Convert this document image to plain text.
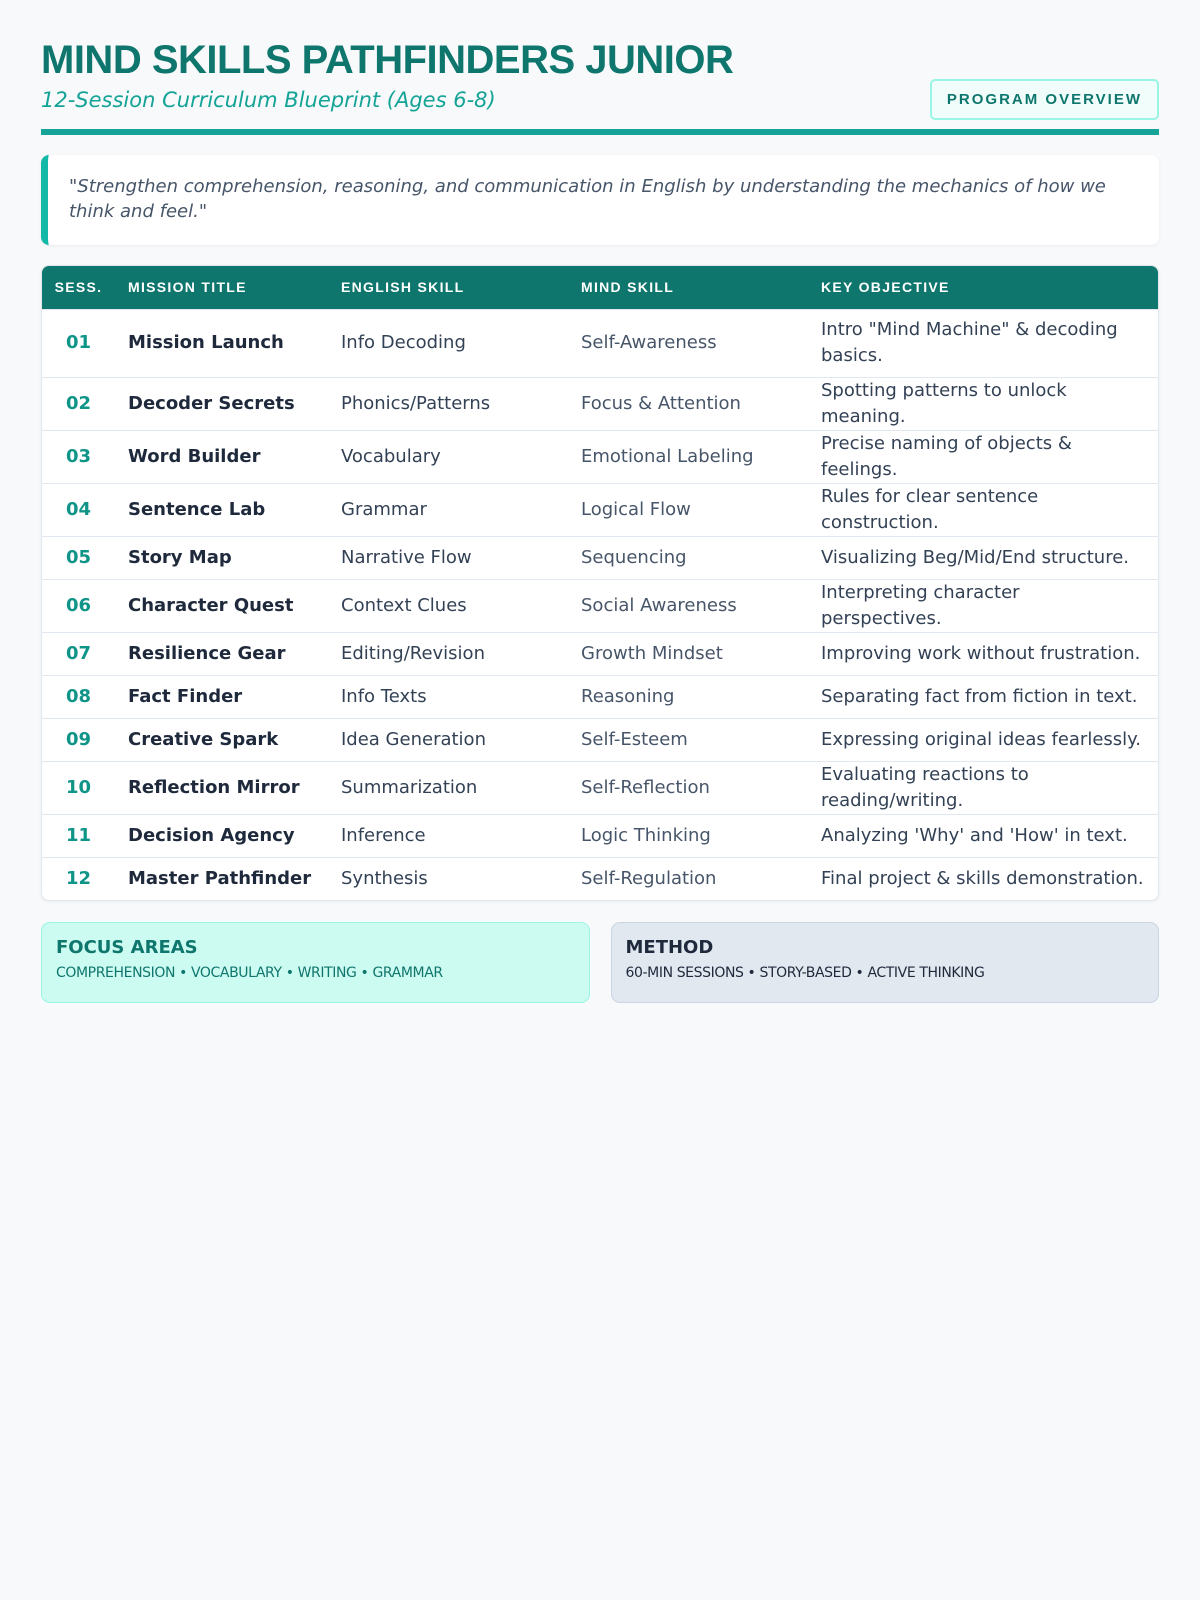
MIND SKILLS PATHFINDERS JUNIOR
12-Session Curriculum Blueprint (Ages 6-8)	PROGRAM OVERVIEW
"Strengthen comprehension, reasoning, and communication in English by understanding the mechanics of how we think and feel."
SESS.	MISSION TITLE	ENGLISH SKILL	MIND SKILL	KEY OBJECTIVE
01	Mission Launch	Info Decoding	Self-Awareness	Intro "Mind Machine" & decoding basics.
02	Decoder Secrets	Phonics/Patterns	Focus & Attention	Spotting patterns to unlock meaning.
03	Word Builder	Vocabulary	Emotional Labeling	Precise naming of objects & feelings.
04	Sentence Lab	Grammar	Logical Flow	Rules for clear sentence construction.
05	Story Map	Narrative Flow	Sequencing	Visualizing Beg/Mid/End structure.
06	Character Quest	Context Clues	Social Awareness	Interpreting character perspectives.
07	Resilience Gear	Editing/Revision	Growth Mindset	Improving work without frustration.
08	Fact Finder	Info Texts	Reasoning	Separating fact from fiction in text.
09	Creative Spark	Idea Generation	Self-Esteem	Expressing original ideas fearlessly.
10	Reflection Mirror	Summarization	Self-Reflection	Evaluating reactions to reading/writing.
11	Decision Agency	Inference	Logic Thinking	Analyzing 'Why' and 'How' in text.
12	Master Pathfinder	Synthesis	Self-Regulation	Final project & skills demonstration.
FOCUS AREAS
COMPREHENSION • VOCABULARY • WRITING • GRAMMAR
METHOD
60-MIN SESSIONS • STORY-BASED • ACTIVE THINKING
